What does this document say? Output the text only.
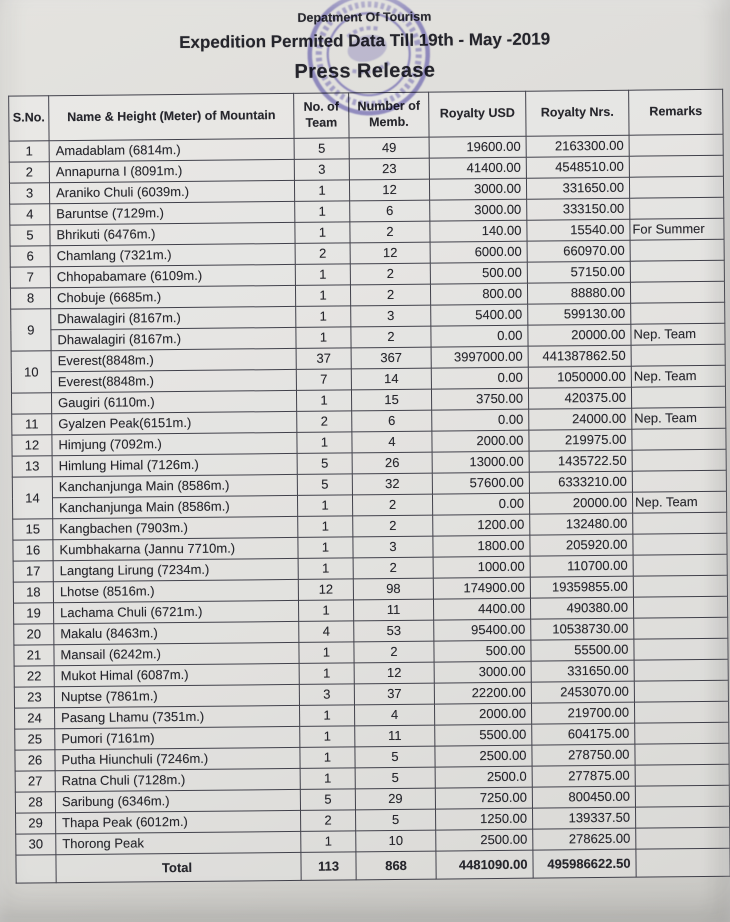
Depatment Of Tourism
Expedition Permited Data Till 19th - May -2019
Press Release
S.No.	Name & Height (Meter) of Mountain	No. of Team	Number of Memb.	Royalty USD	Royalty Nrs.	Remarks
1	Amadablam (6814m.)	5	49	19600.00	2163300.00	
2	Annapurna I (8091m.)	3	23	41400.00	4548510.00	
3	Araniko Chuli (6039m.)	1	12	3000.00	331650.00	
4	Baruntse (7129m.)	1	6	3000.00	333150.00	
5	Bhrikuti (6476m.)	1	2	140.00	15540.00	For Summer
6	Chamlang (7321m.)	2	12	6000.00	660970.00	
7	Chhopabamare (6109m.)	1	2	500.00	57150.00	
8	Chobuje (6685m.)	1	2	800.00	88880.00	
9	Dhawalagiri (8167m.)	1	3	5400.00	599130.00	
	Dhawalagiri (8167m.)	1	2	0.00	20000.00	Nep. Team
10	Everest(8848m.)	37	367	3997000.00	441387862.50	
	Everest(8848m.)	7	14	0.00	1050000.00	Nep. Team
	Gaugiri (6110m.)	1	15	3750.00	420375.00	
11	Gyalzen Peak(6151m.)	2	6	0.00	24000.00	Nep. Team
12	Himjung (7092m.)	1	4	2000.00	219975.00	
13	Himlung Himal (7126m.)	5	26	13000.00	1435722.50	
14	Kanchanjunga Main (8586m.)	5	32	57600.00	6333210.00	
	Kanchanjunga Main (8586m.)	1	2	0.00	20000.00	Nep. Team
15	Kangbachen (7903m.)	1	2	1200.00	132480.00	
16	Kumbhakarna (Jannu 7710m.)	1	3	1800.00	205920.00	
17	Langtang Lirung (7234m.)	1	2	1000.00	110700.00	
18	Lhotse (8516m.)	12	98	174900.00	19359855.00	
19	Lachama Chuli (6721m.)	1	11	4400.00	490380.00	
20	Makalu (8463m.)	4	53	95400.00	10538730.00	
21	Mansail (6242m.)	1	2	500.00	55500.00	
22	Mukot Himal (6087m.)	1	12	3000.00	331650.00	
23	Nuptse (7861m.)	3	37	22200.00	2453070.00	
24	Pasang Lhamu (7351m.)	1	4	2000.00	219700.00	
25	Pumori (7161m)	1	11	5500.00	604175.00	
26	Putha Hiunchuli (7246m.)	1	5	2500.00	278750.00	
27	Ratna Chuli (7128m.)	1	5	2500.0	277875.00	
28	Saribung (6346m.)	5	29	7250.00	800450.00	
29	Thapa Peak (6012m.)	2	5	1250.00	139337.50	
30	Thorong Peak	1	10	2500.00	278625.00	
	Total	113	868	4481090.00	495986622.50	
